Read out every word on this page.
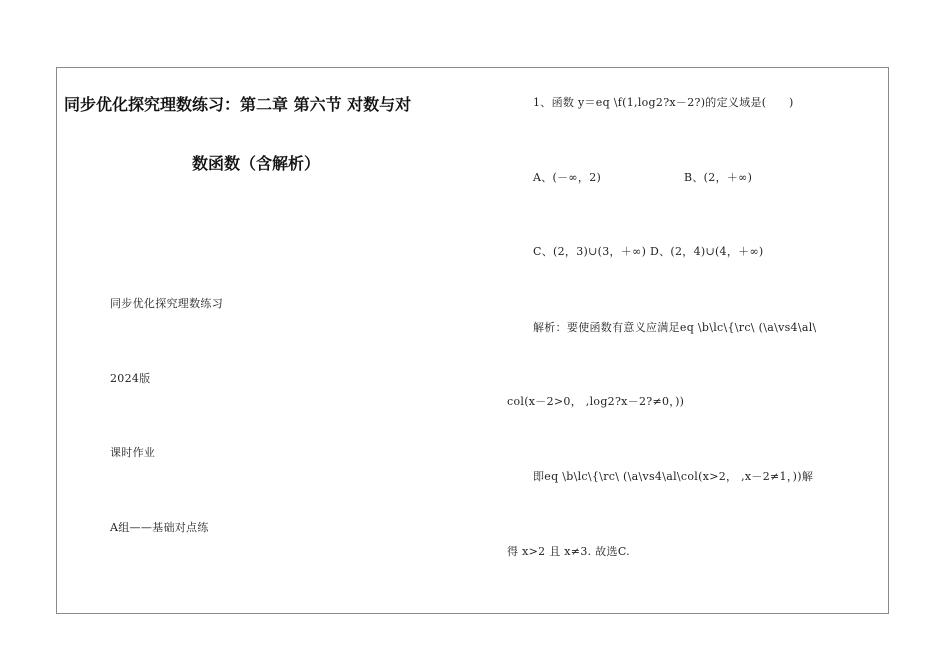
同步优化探究理数练习：第二章 第六节 对数与对
数函数（含解析）
同步优化探究理数练习
2024版
课时作业
A组——基础对点练
1、函数 y＝eq \f(1,log2?x－2?)的定义域是(　　)
A、(－∞，2)	B、(2，＋∞)
C、(2，3)∪(3，＋∞) D、(2，4)∪(4，＋∞)
解析：要使函数有意义应满足eq \b\lc\{\rc\ (\a\vs4\al\
col(x－2>0， ,log2?x－2?≠0，))
即eq \b\lc\{\rc\ (\a\vs4\al\col(x>2， ,x－2≠1，))解
得 x>2 且 x≠3. 故选C.
